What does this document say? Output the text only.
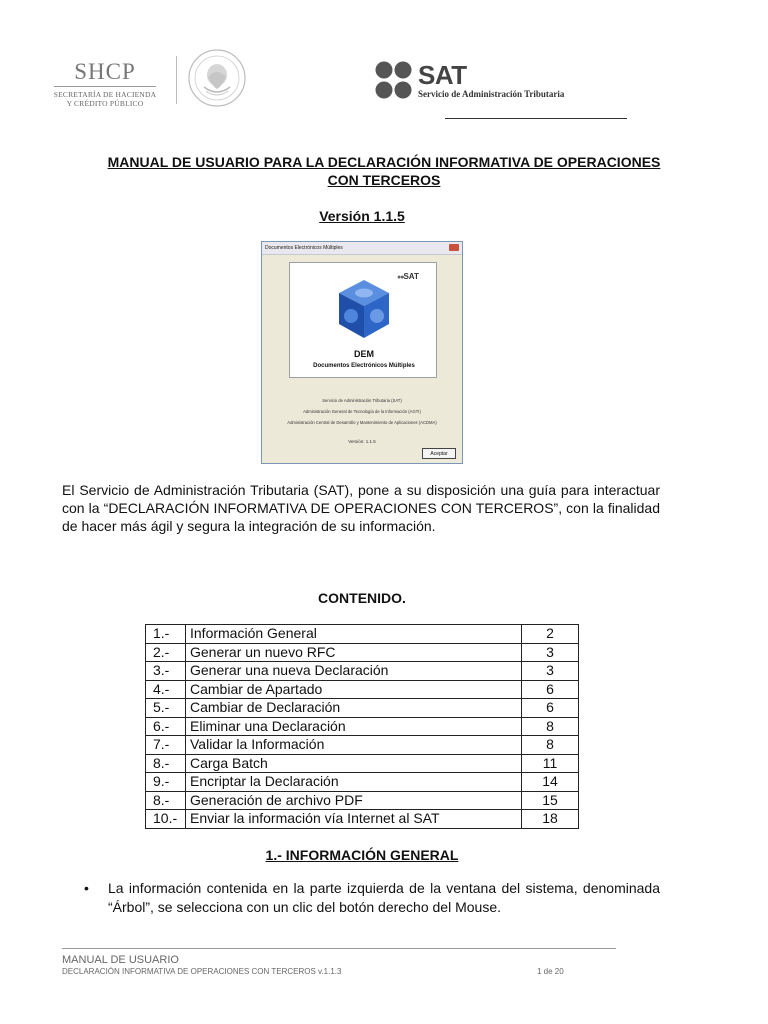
SHCP
SECRETARÍA DE HACIENDA
Y CRÉDITO PÚBLICO
SAT
Servicio de Administración Tributaria
MANUAL DE USUARIO PARA LA DECLARACIÓN INFORMATIVA DE OPERACIONES
CON TERCEROS
Versión 1.1.5
Documentos Electrónicos Múltiples
●●SAT
DEM
Documentos Electrónicos Múltiples
Servicio de Administración Tributaria (SAT)
Administración General de Tecnología de la Información (AGTI)
Administración Central de Desarrollo y Mantenimiento de Aplicaciones (ACDMA)
Versión: 1.1.5
Aceptar
El Servicio de Administración Tributaria (SAT), pone a su disposición una guía para interactuar con la “DECLARACIÓN INFORMATIVA DE OPERACIONES CON TERCEROS”, con la finalidad de hacer más ágil y segura la integración de su información.
CONTENIDO.
1.-	Información General	2
2.-	Generar un nuevo RFC	3
3.-	Generar una nueva Declaración	3
4.-	Cambiar de Apartado	6
5.-	Cambiar de Declaración	6
6.-	Eliminar una Declaración	8
7.-	Validar la Información	8
8.-	Carga Batch	11
9.-	Encriptar la Declaración	14
8.-	Generación de archivo PDF	15
10.-	Enviar la información vía Internet al SAT	18
1.- INFORMACIÓN GENERAL
•	La información contenida en la parte izquierda de la ventana del sistema, denominada “Árbol”, se selecciona con un clic del botón derecho del Mouse.
MANUAL DE USUARIO
DECLARACIÓN INFORMATIVA DE OPERACIONES CON TERCEROS v.1.1.3	1 de 20
